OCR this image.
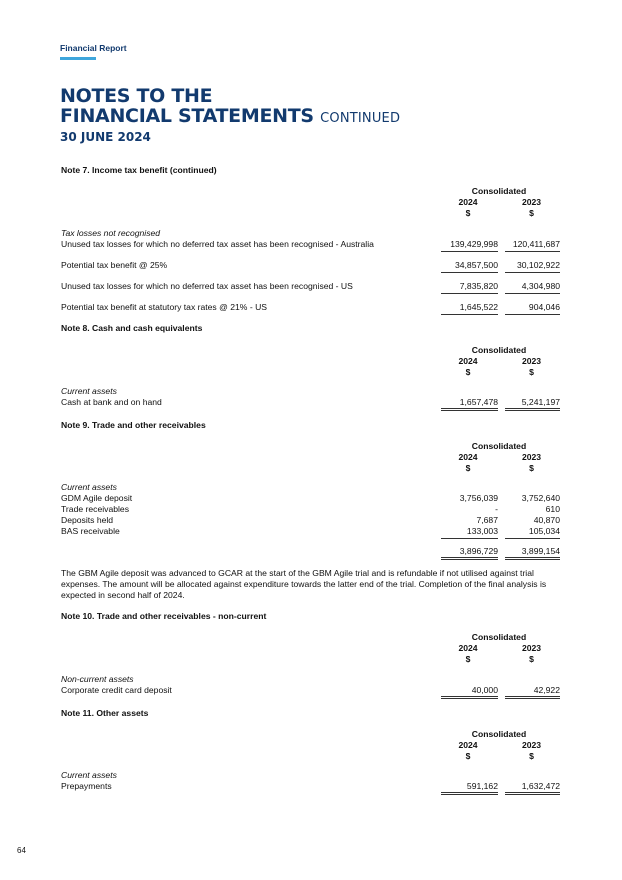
Financial Report
NOTES TO THE
FINANCIAL STATEMENTS CONTINUED
30 JUNE 2024
Note 7. Income tax benefit (continued)
Consolidated
2024	2023
$	$
Tax losses not recognised
Unused tax losses for which no deferred tax asset has been recognised - Australia	139,429,998	120,411,687
Potential tax benefit @ 25%	34,857,500	30,102,922
Unused tax losses for which no deferred tax asset has been recognised - US	7,835,820	4,304,980
Potential tax benefit at statutory tax rates @ 21% - US	1,645,522	904,046
Note 8. Cash and cash equivalents
Consolidated
2024	2023
$	$
Current assets
Cash at bank and on hand	1,657,478	5,241,197
Note 9. Trade and other receivables
Consolidated
2024	2023
$	$
Current assets
GDM Agile deposit	3,756,039	3,752,640
Trade receivables	-	610
Deposits held	7,687	40,870
BAS receivable	133,003	105,034
3,896,729	3,899,154
The GBM Agile deposit was advanced to GCAR at the start of the GBM Agile trial and is refundable if not utilised against trial expenses. The amount will be allocated against expenditure towards the latter end of the trial. Completion of the final analysis is expected in second half of 2024.
Note 10. Trade and other receivables - non-current
Consolidated
2024	2023
$	$
Non-current assets
Corporate credit card deposit	40,000	42,922
Note 11. Other assets
Consolidated
2024	2023
$	$
Current assets
Prepayments	591,162	1,632,472
64
